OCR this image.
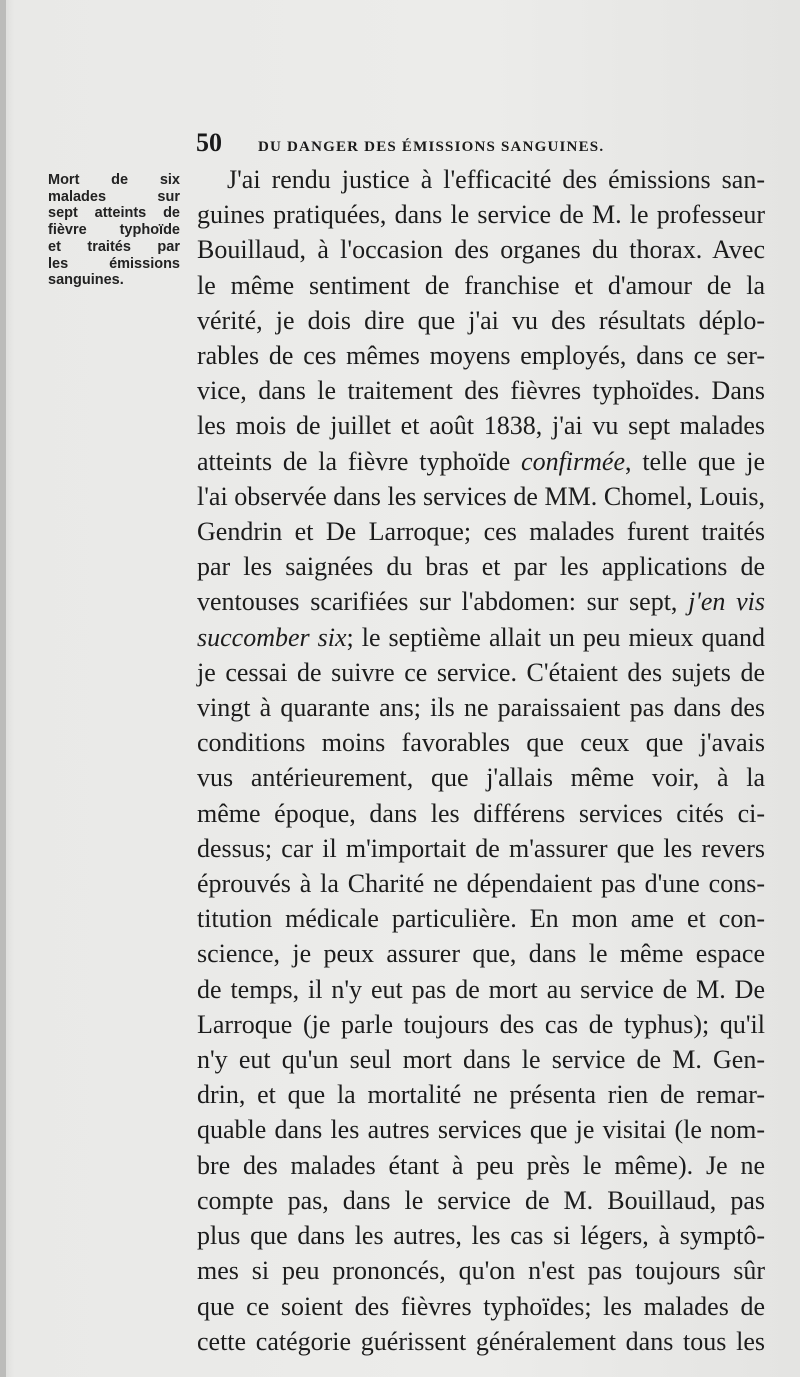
50 DU DANGER DES ÉMISSIONS SANGUINES.
Mort de six
malades sur
sept atteints de
fièvre typhoïde
et traités par
les émissions
sanguines.
J'ai rendu justice à l'efficacité des émissions san-
guines pratiquées, dans le service de M. le professeur
Bouillaud, à l'occasion des organes du thorax. Avec
le même sentiment de franchise et d'amour de la
vérité, je dois dire que j'ai vu des résultats déplo-
rables de ces mêmes moyens employés, dans ce ser-
vice, dans le traitement des fièvres typhoïdes. Dans
les mois de juillet et août 1838, j'ai vu sept malades
atteints de la fièvre typhoïde confirmée, telle que je
l'ai observée dans les services de MM. Chomel, Louis,
Gendrin et De Larroque; ces malades furent traités
par les saignées du bras et par les applications de
ventouses scarifiées sur l'abdomen: sur sept, j'en vis
succomber six; le septième allait un peu mieux quand
je cessai de suivre ce service. C'étaient des sujets de
vingt à quarante ans; ils ne paraissaient pas dans des
conditions moins favorables que ceux que j'avais
vus antérieurement, que j'allais même voir, à la
même époque, dans les différens services cités ci-
dessus; car il m'importait de m'assurer que les revers
éprouvés à la Charité ne dépendaient pas d'une cons-
titution médicale particulière. En mon ame et con-
science, je peux assurer que, dans le même espace
de temps, il n'y eut pas de mort au service de M. De
Larroque (je parle toujours des cas de typhus); qu'il
n'y eut qu'un seul mort dans le service de M. Gen-
drin, et que la mortalité ne présenta rien de remar-
quable dans les autres services que je visitai (le nom-
bre des malades étant à peu près le même). Je ne
compte pas, dans le service de M. Bouillaud, pas
plus que dans les autres, les cas si légers, à symptô-
mes si peu prononcés, qu'on n'est pas toujours sûr
que ce soient des fièvres typhoïdes; les malades de
cette catégorie guérissent généralement dans tous les
